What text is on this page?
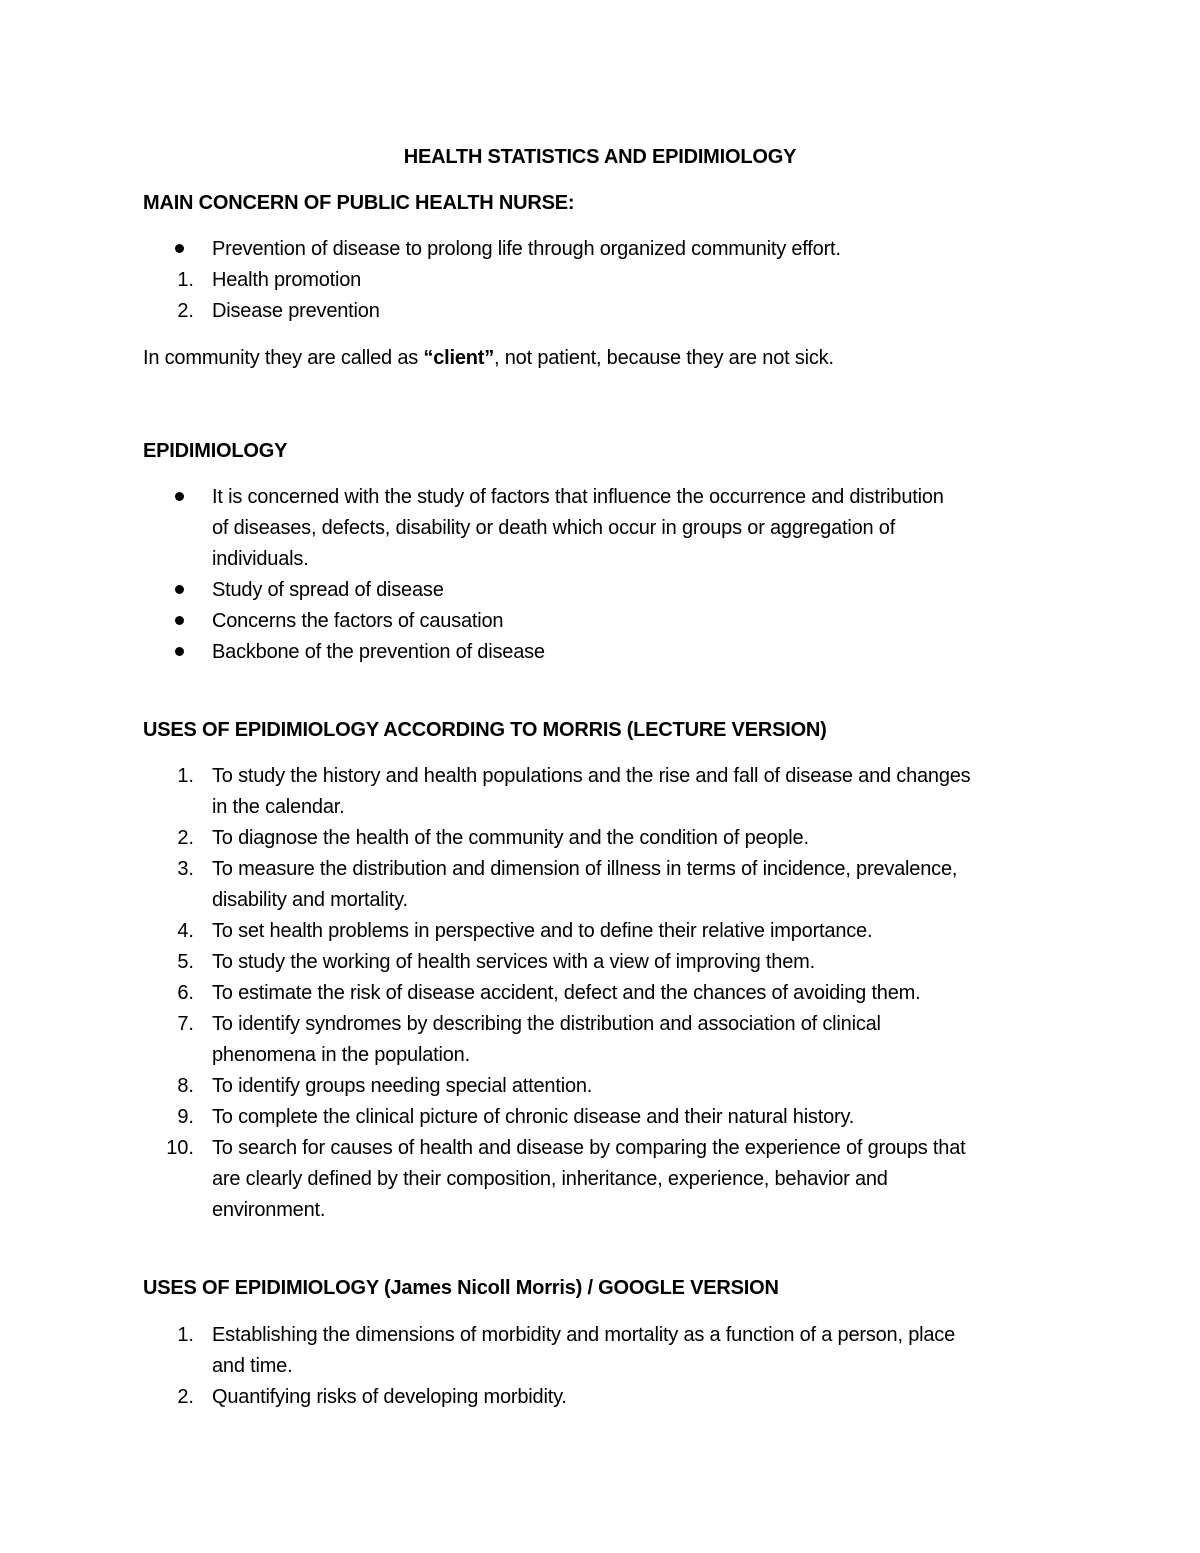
HEALTH STATISTICS AND EPIDIMIOLOGY
MAIN CONCERN OF PUBLIC HEALTH NURSE:
Prevention of disease to prolong life through organized community effort.
1. Health promotion
2. Disease prevention
In community they are called as “client”, not patient, because they are not sick.
EPIDIMIOLOGY
It is concerned with the study of factors that influence the occurrence and distribution
of diseases, defects, disability or death which occur in groups or aggregation of
individuals.
Study of spread of disease
Concerns the factors of causation
Backbone of the prevention of disease
USES OF EPIDIMIOLOGY ACCORDING TO MORRIS (LECTURE VERSION)
1. To study the history and health populations and the rise and fall of disease and changes
in the calendar.
2. To diagnose the health of the community and the condition of people.
3. To measure the distribution and dimension of illness in terms of incidence, prevalence,
disability and mortality.
4. To set health problems in perspective and to define their relative importance.
5. To study the working of health services with a view of improving them.
6. To estimate the risk of disease accident, defect and the chances of avoiding them.
7. To identify syndromes by describing the distribution and association of clinical
phenomena in the population.
8. To identify groups needing special attention.
9. To complete the clinical picture of chronic disease and their natural history.
10. To search for causes of health and disease by comparing the experience of groups that
are clearly defined by their composition, inheritance, experience, behavior and
environment.
USES OF EPIDIMIOLOGY (James Nicoll Morris) / GOOGLE VERSION
1. Establishing the dimensions of morbidity and mortality as a function of a person, place
and time.
2. Quantifying risks of developing morbidity.
